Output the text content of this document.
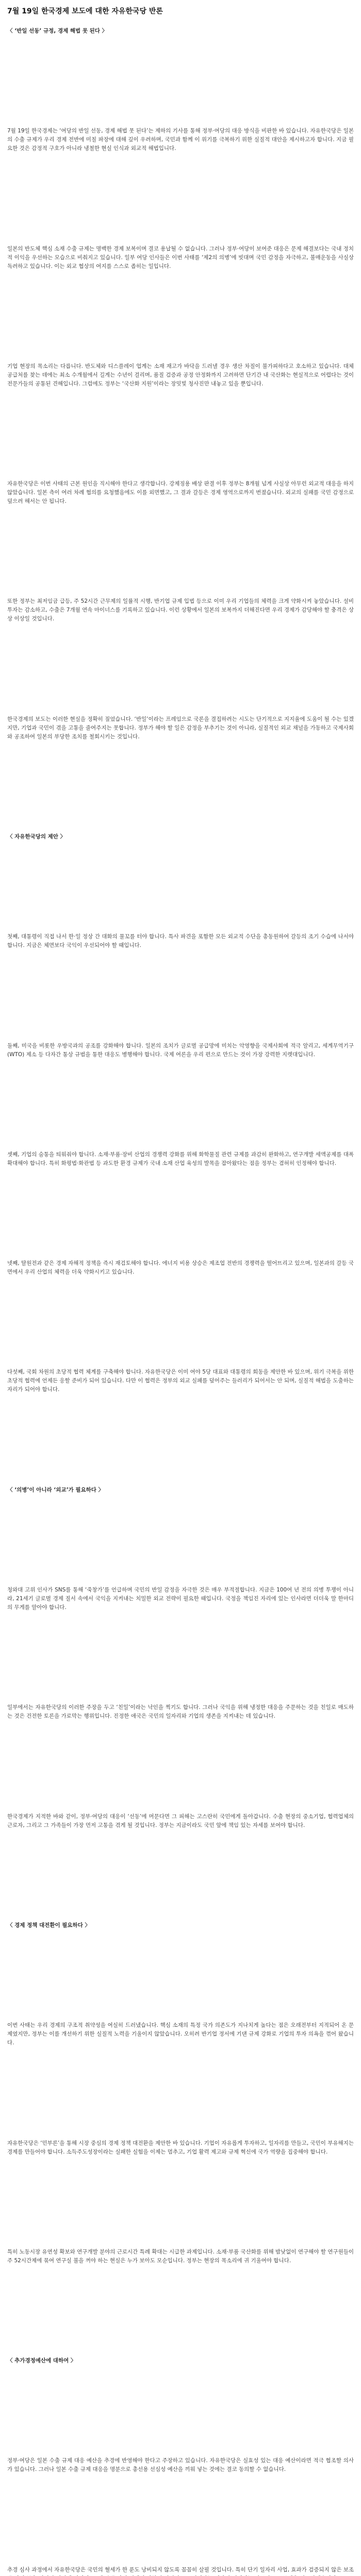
7월 19일 한국경제 보도에 대한 자유한국당 반론

〈 ‘반일 선동’ 규정, 경제 해법 못 된다 〉

7월 19일 한국경제는 ‘여당의 반일 선동, 경제 해법 못 된다’는 제하의 기사를 통해 정부·여당의 대응 방식을 비판한 바 있습니다. 자유한국당은 일본의 수출 규제가 우리 경제 전반에 미칠 파장에 대해 깊이 우려하며, 국민과 함께 이 위기를 극복하기 위한 실질적 대안을 제시하고자 합니다. 지금 필요한 것은 감정적 구호가 아니라 냉철한 현실 인식과 외교적 해법입니다.

일본의 반도체 핵심 소재 수출 규제는 명백한 경제 보복이며 결코 용납될 수 없습니다. 그러나 정부·여당이 보여준 대응은 문제 해결보다는 국내 정치적 이익을 우선하는 모습으로 비춰지고 있습니다. 일부 여당 인사들은 이번 사태를 ‘제2의 의병’에 빗대며 국민 감정을 자극하고, 불매운동을 사실상 독려하고 있습니다. 이는 외교 협상의 여지를 스스로 좁히는 일입니다.

기업 현장의 목소리는 다릅니다. 반도체와 디스플레이 업계는 소재 재고가 바닥을 드러낼 경우 생산 차질이 불가피하다고 호소하고 있습니다. 대체 공급처를 찾는 데에는 최소 수개월에서 길게는 수년이 걸리며, 품질 검증과 공정 안정화까지 고려하면 단기간 내 국산화는 현실적으로 어렵다는 것이 전문가들의 공통된 견해입니다. 그럼에도 정부는 ‘국산화 지원’이라는 장밋빛 청사진만 내놓고 있을 뿐입니다.

자유한국당은 이번 사태의 근본 원인을 직시해야 한다고 생각합니다. 강제징용 배상 판결 이후 정부는 8개월 넘게 사실상 아무런 외교적 대응을 하지 않았습니다. 일본 측이 여러 차례 협의를 요청했음에도 이를 외면했고, 그 결과 갈등은 경제 영역으로까지 번졌습니다. 외교의 실패를 국민 감정으로 덮으려 해서는 안 됩니다.

또한 정부는 최저임금 급등, 주 52시간 근무제의 일률적 시행, 반기업 규제 입법 등으로 이미 우리 기업들의 체력을 크게 약화시켜 놓았습니다. 설비투자는 감소하고, 수출은 7개월 연속 마이너스를 기록하고 있습니다. 이런 상황에서 일본의 보복까지 더해진다면 우리 경제가 감당해야 할 충격은 상상 이상일 것입니다.

한국경제의 보도는 이러한 현실을 정확히 짚었습니다. ‘반일’이라는 프레임으로 국론을 결집하려는 시도는 단기적으로 지지율에 도움이 될 수는 있겠지만, 기업과 국민이 겪을 고통을 줄여주지는 못합니다. 정부가 해야 할 일은 감정을 부추기는 것이 아니라, 실질적인 외교 채널을 가동하고 국제사회와 공조하여 일본의 부당한 조치를 철회시키는 것입니다.

〈 자유한국당의 제안 〉

첫째, 대통령이 직접 나서 한·일 정상 간 대화의 물꼬를 터야 합니다. 특사 파견을 포함한 모든 외교적 수단을 총동원하여 갈등의 조기 수습에 나서야 합니다. 지금은 체면보다 국익이 우선되어야 할 때입니다.

둘째, 미국을 비롯한 우방국과의 공조를 강화해야 합니다. 일본의 조치가 글로벌 공급망에 미치는 악영향을 국제사회에 적극 알리고, 세계무역기구(WTO) 제소 등 다자간 통상 규범을 통한 대응도 병행해야 합니다. 국제 여론을 우리 편으로 만드는 것이 가장 강력한 지렛대입니다.

셋째, 기업의 숨통을 틔워줘야 합니다. 소재·부품·장비 산업의 경쟁력 강화를 위해 화학물질 관련 규제를 과감히 완화하고, 연구개발 세액공제를 대폭 확대해야 합니다. 특히 화평법·화관법 등 과도한 환경 규제가 국내 소재 산업 육성의 발목을 잡아왔다는 점을 정부는 겸허히 인정해야 합니다.

넷째, 탈원전과 같은 경제 자해적 정책을 즉시 재검토해야 합니다. 에너지 비용 상승은 제조업 전반의 경쟁력을 떨어뜨리고 있으며, 일본과의 갈등 국면에서 우리 산업의 체력을 더욱 약화시키고 있습니다.

다섯째, 국회 차원의 초당적 협력 체계를 구축해야 합니다. 자유한국당은 이미 여야 5당 대표와 대통령의 회동을 제안한 바 있으며, 위기 극복을 위한 초당적 협력에 언제든 응할 준비가 되어 있습니다. 다만 이 협력은 정부의 외교 실패를 덮어주는 들러리가 되어서는 안 되며, 실질적 해법을 도출하는 자리가 되어야 합니다.

〈 ‘의병’이 아니라 ‘외교’가 필요하다 〉

청와대 고위 인사가 SNS를 통해 ‘죽창가’를 언급하며 국민의 반일 감정을 자극한 것은 매우 부적절합니다. 지금은 100여 년 전의 의병 투쟁이 아니라, 21세기 글로벌 경제 질서 속에서 국익을 지켜내는 치밀한 외교 전략이 필요한 때입니다. 국정을 책임진 자리에 있는 인사라면 더더욱 말 한마디의 무게를 알아야 합니다.

일부에서는 자유한국당의 이러한 주장을 두고 ‘친일’이라는 낙인을 찍기도 합니다. 그러나 국익을 위해 냉정한 대응을 주문하는 것을 친일로 매도하는 것은 건전한 토론을 가로막는 행위입니다. 진정한 애국은 국민의 일자리와 기업의 생존을 지켜내는 데 있습니다.

한국경제가 지적한 바와 같이, 정부·여당의 대응이 ‘선동’에 머문다면 그 피해는 고스란히 국민에게 돌아갑니다. 수출 현장의 중소기업, 협력업체의 근로자, 그리고 그 가족들이 가장 먼저 고통을 겪게 될 것입니다. 정부는 지금이라도 국민 앞에 책임 있는 자세를 보여야 합니다.

〈 경제 정책 대전환이 필요하다 〉

이번 사태는 우리 경제의 구조적 취약성을 여실히 드러냈습니다. 핵심 소재의 특정 국가 의존도가 지나치게 높다는 점은 오래전부터 지적되어 온 문제였지만, 정부는 이를 개선하기 위한 실질적 노력을 기울이지 않았습니다. 오히려 반기업 정서에 기댄 규제 강화로 기업의 투자 의욕을 꺾어 왔습니다.

자유한국당은 ‘민부론’을 통해 시장 중심의 경제 정책 대전환을 제안한 바 있습니다. 기업이 자유롭게 투자하고, 일자리를 만들고, 국민이 부유해지는 경제를 만들어야 합니다. 소득주도성장이라는 실패한 실험을 이제는 멈추고, 기업 활력 제고와 규제 혁신에 국가 역량을 집중해야 합니다.

특히 노동시장 유연성 확보와 연구개발 분야의 근로시간 특례 확대는 시급한 과제입니다. 소재·부품 국산화를 위해 밤낮없이 연구해야 할 연구원들이 주 52시간제에 묶여 연구실 불을 꺼야 하는 현실은 누가 보아도 모순입니다. 정부는 현장의 목소리에 귀 기울여야 합니다.

〈 추가경정예산에 대하여 〉

정부·여당은 일본 수출 규제 대응 예산을 추경에 반영해야 한다고 주장하고 있습니다. 자유한국당은 실효성 있는 대응 예산이라면 적극 협조할 의사가 있습니다. 그러나 일본 수출 규제 대응을 명분으로 총선용 선심성 예산을 끼워 넣는 것에는 결코 동의할 수 없습니다.

추경 심사 과정에서 자유한국당은 국민의 혈세가 한 푼도 낭비되지 않도록 꼼꼼히 살필 것입니다. 특히 단기 일자리 사업, 효과가 검증되지 않은 보조
